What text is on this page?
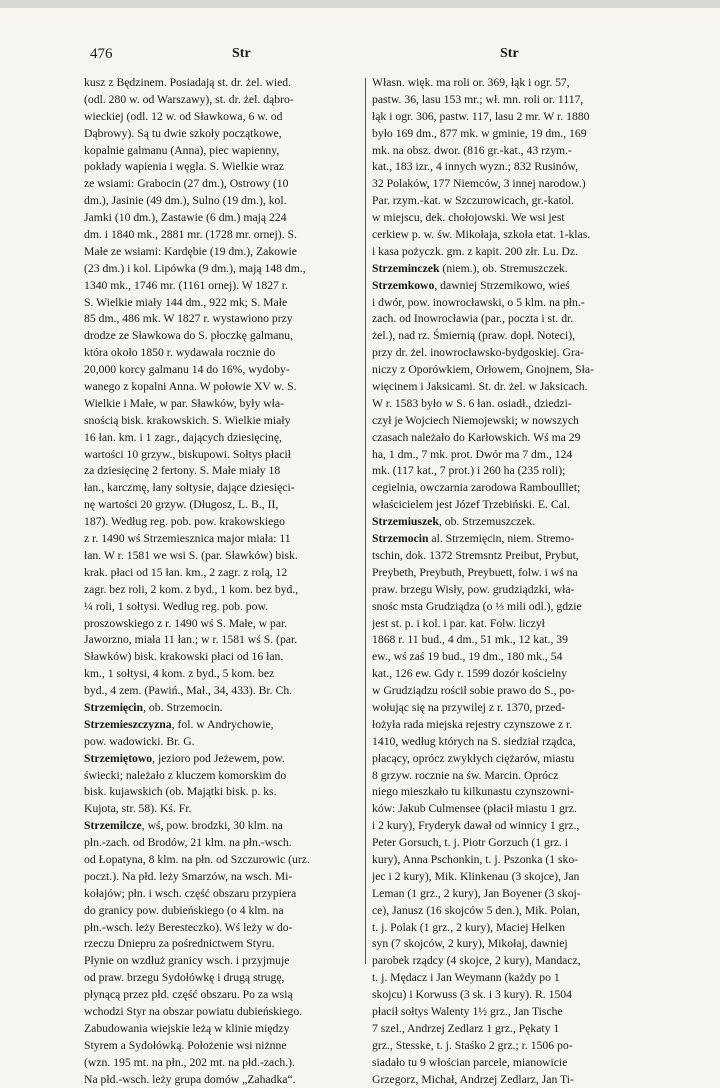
476	Str	Str
kusz z Będzinem. Posiadają st. dr. żel. wied.
(odl. 280 w. od Warszawy), st. dr. żel. dąbro-
wieckiej (odl. 12 w. od Sławkowa, 6 w. od
Dąbrowy). Są tu dwie szkoły początkowe,
kopalnie galmanu (Anna), piec wapienny,
pokłady wapienia i węgla. S. Wielkie wraz
ze wsiami: Grabocin (27 dm.), Ostrowy (10
dm.), Jasinie (49 dm.), Sulno (19 dm.), kol.
Jamki (10 dm.), Zastawie (6 dm.) mają 224
dm. i 1840 mk., 2881 mr. (1728 mr. ornej). S.
Małe ze wsiami: Kardębie (19 dm.), Zakowie
(23 dm.) i kol. Lipówka (9 dm.), mają 148 dm.,
1340 mk., 1746 mr. (1161 ornej). W 1827 r.
S. Wielkie miały 144 dm., 922 mk; S. Małe
85 dm., 486 mk. W 1827 r. wystawiono przy
drodze ze Sławkowa do S. płoczkę galmanu,
która około 1850 r. wydawała rocznie do
20,000 korcy galmanu 14 do 16%, wydoby-
wanego z kopalni Anna. W połowie XV w. S.
Wielkie i Małe, w par. Sławków, były wła-
snością bisk. krakowskich. S. Wielkie miały
16 łan. km. i 1 zagr., dających dziesięcinę,
wartości 10 grzyw., biskupowi. Sołtys płacił
za dziesięcinę 2 fertony. S. Małe miały 18
łan., karczmę, łany sołtysie, dające dziesięci-
nę wartości 20 grzyw. (Długosz, L. B., II,
187). Według reg. pob. pow. krakowskiego
z r. 1490 wś Strzemiesznica major miała: 11
łan. W r. 1581 we wsi S. (par. Sławków) bisk.
krak. płaci od 15 łan. km., 2 zagr. z rolą, 12
zagr. bez roli, 2 kom. z byd., 1 kom. bez byd.,
¼ roli, 1 sołtysi. Według reg. pob. pow.
proszowskiego z r. 1490 wś S. Małe, w par.
Jaworzno, miała 11 łan.; w r. 1581 wś S. (par.
Sławków) bisk. krakowski płaci od 16 łan.
km., 1 sołtysi, 4 kom. z byd., 5 kom. bez
byd., 4 zem. (Pawiń., Mał., 34, 433). Br. Ch.
Strzemięcin, ob. Strzemocin.
Strzemieszczyzna, fol. w Andrychowie,
pow. wadowicki. Br. G.
Strzemiętowo, jezioro pod Jeżewem, pow.
świecki; należało z kluczem komorskim do
bisk. kujawskich (ob. Majątki bisk. p. ks.
Kujota, str. 58). Kś. Fr.
Strzemilcze, wś, pow. brodzki, 30 klm. na
płn.-zach. od Brodów, 21 klm. na płn.-wsch.
od Łopatyna, 8 klm. na płn. od Szczurowic (urz.
poczt.). Na płd. leży Smarzów, na wsch. Mi-
kołajów; płn. i wsch. część obszaru przypiera
do granicy pow. dubieńskiego (o 4 klm. na
płn.-wsch. leży Beresteczko). Wś leży w do-
rzeczu Dniepru za pośrednictwem Styru.
Płynie on wzdłuż granicy wsch. i przyjmuje
od praw. brzegu Sydołówkę i drugą strugę,
płynącą przez płd. część obszaru. Po za wsią
wchodzi Styr na obszar powiatu dubieńskiego.
Zabudowania wiejskie leżą w klinie między
Styrem a Sydołówką. Położenie wsi niżnne
(wzn. 195 mt. na płn., 202 mt. na płd.-zach.).
Na płd.-wsch. leży grupa domów „Zahadka“.
Własn. więk. ma roli or. 369, łąk i ogr. 57,
pastw. 36, lasu 153 mr.; wł. mn. roli or. 1117,
łąk i ogr. 306, pastw. 117, lasu 2 mr. W r. 1880
było 169 dm., 877 mk. w gminie, 19 dm., 169
mk. na obsz. dwor. (816 gr.-kat., 43 rzym.-
kat., 183 izr., 4 innych wyzn.; 832 Rusinów,
32 Polaków, 177 Niemców, 3 innej narodow.)
Par. rzym.-kat. w Szczurowicach, gr.-katol.
w miejscu, dek. chołojowski. We wsi jest
cerkiew p. w. św. Mikołaja, szkoła etat. 1-klas.
i kasa pożyczk. gm. z kapit. 200 złr. Lu. Dz.
Strzeminczek (niem.), ob. Stremuszczek.
Strzemkowo, dawniej Strzemikowo, wieś
i dwór, pow. inowrocławski, o 5 klm. na płn.-
zach. od Inowrocławia (par., poczta i st. dr.
żel.), nad rz. Śmiernią (praw. dopł. Noteci),
przy dr. żel. inowrocławsko-bydgoskiej. Gra-
niczy z Oporówkiem, Orłowem, Gnojnem, Sła-
więcinem i Jaksicami. St. dr. żel. w Jaksicach.
W r. 1583 było w S. 6 łan. osiadł., dziedzi-
czył je Wojciech Niemojewski; w nowszych
czasach należało do Karłowskich. Wś ma 29
ha, 1 dm., 7 mk. prot. Dwór ma 7 dm., 124
mk. (117 kat., 7 prot.) i 260 ha (235 roli);
cegielnia, owczarnia zarodowa Ramboulllet;
właścicielem jest Józef Trzebiński. E. Cal.
Strzemiuszek, ob. Strzemuszczek.
Strzemocin al. Strzemięcin, niem. Stremo-
tschin, dok. 1372 Stremsntz Preibut, Prybut,
Preybeth, Preybuth, Preybuett, folw. i wś na
praw. brzegu Wisły, pow. grudziądzki, wła-
snośc msta Grudziądza (o ⅓ mili odl.), gdzie
jest st. p. i kol. i par. kat. Folw. liczył
1868 r. 11 bud., 4 dm., 51 mk., 12 kat., 39
ew., wś zaś 19 bud., 19 dm., 180 mk., 54
kat., 126 ew. Gdy r. 1599 dozór kościelny
w Grudziądzu rościł sobie prawo do S., po-
wołując się na przywilej z r. 1370, przed-
łożyła rada miejska rejestry czynszowe z r.
1410, według których na S. siedział rządca,
płacący, oprócz zwykłych ciężarów, miastu
8 grzyw. rocznie na św. Marcin. Oprócz
niego mieszkało tu kilkunastu czynszowni-
ków: Jakub Culmensee (płacił miastu 1 grz.
i 2 kury), Fryderyk dawał od winnicy 1 grz.,
Peter Gorsuch, t. j. Piotr Gorzuch (1 grz. i
kury), Anna Pschonkin, t. j. Pszonka (1 sko-
jec i 2 kury), Mik. Klinkenau (3 skojce), Jan
Leman (1 grz., 2 kury), Jan Boyener (3 skoj-
ce), Janusz (16 skojców 5 den.), Mik. Polan,
t. j. Polak (1 grz., 2 kury), Maciej Helken
syn (7 skojców, 2 kury), Mikołaj, dawniej
parobek rządcy (4 skojce, 2 kury), Mandacz,
t. j. Mędacz i Jan Weymann (każdy po 1
skojcu) i Korwuss (3 sk. i 3 kury). R. 1504
płacił sołtys Walenty 1½ grz., Jan Tische
7 szel., Andrzej Zedlarz 1 grz., Pękaty 1
grz., Stesske, t. j. Staśko 2 grz.; r. 1506 po-
siadało tu 9 włościan parcele, mianowicie
Grzegorz, Michał, Andrzej Zedlarz, Jan Ti-
